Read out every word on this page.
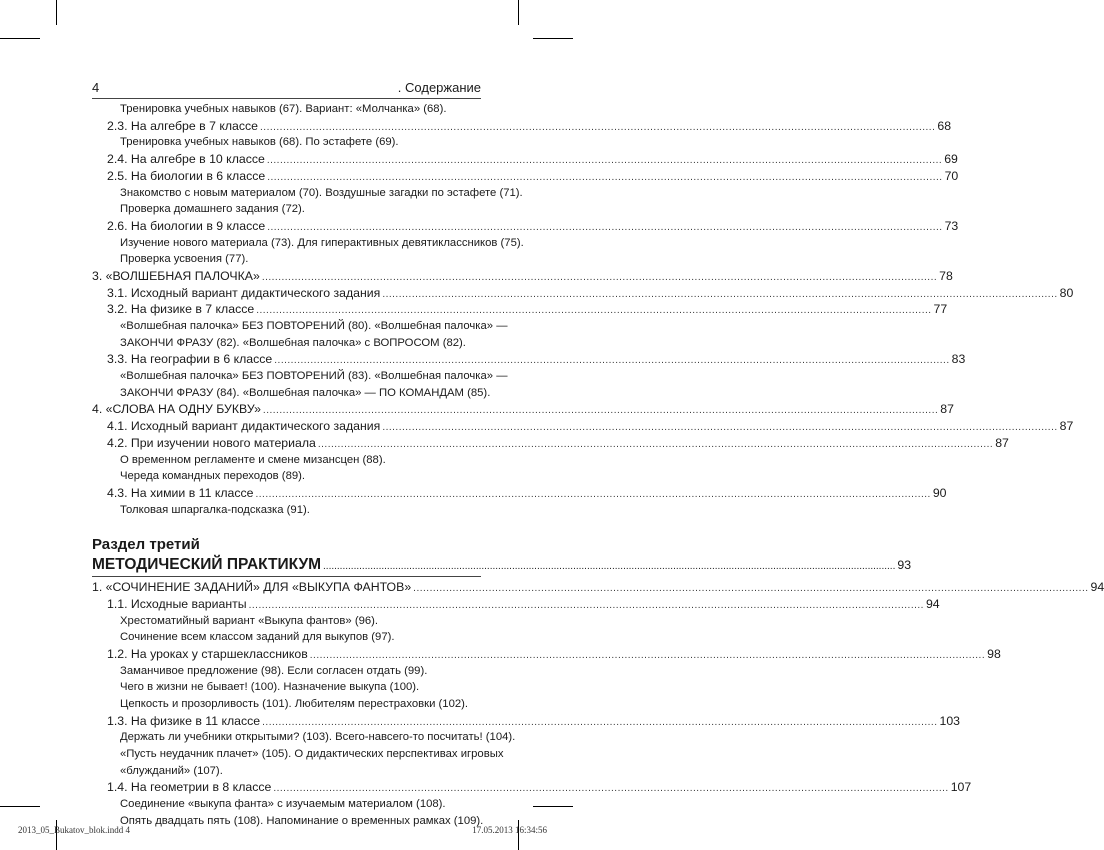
4	. Содержание
Тренировка учебных навыков (67). Вариант: «Молчанка» (68).
2.3. На алгебре в 7 классе .....	68
Тренировка учебных навыков (68). По эстафете (69).
2.4. На алгебре в 10 классе .....	69
2.5. На биологии в 6 классе .....	70
Знакомство с новым материалом (70). Воздушные загадки по эстафете (71).
Проверка домашнего задания (72).
2.6. На биологии в 9 классе .....	73
Изучение нового материала (73). Для гиперактивных девятиклассников (75).
Проверка усвоения (77).
3. «ВОЛШЕБНАЯ ПАЛОЧКА» .....	78
3.1. Исходный вариант дидактического задания .....	80
3.2. На физике в 7 классе .....	77
«Волшебная палочка» БЕЗ ПОВТОРЕНИЙ (80). «Волшебная палочка» —
ЗАКОНЧИ ФРАЗУ (82). «Волшебная палочка» с ВОПРОСОМ (82).
3.3. На географии в 6 классе .....	83
«Волшебная палочка» БЕЗ ПОВТОРЕНИЙ (83). «Волшебная палочка» —
ЗАКОНЧИ ФРАЗУ (84). «Волшебная палочка» — ПО КОМАНДАМ (85).
4. «СЛОВА НА ОДНУ БУКВУ» .....	87
4.1. Исходный вариант дидактического задания .....	87
4.2. При изучении нового материала .....	87
О временном регламенте и смене мизансцен (88).
Череда командных переходов (89).
4.3. На химии в 11 классе .....	90
Толковая шпаргалка-подсказка (91).
Раздел третий
МЕТОДИЧЕСКИЙ ПРАКТИКУМ .....	93
1. «СОЧИНЕНИЕ ЗАДАНИЙ» ДЛЯ «ВЫКУПА ФАНТОВ» .....	94
1.1. Исходные варианты .....	94
Хрестоматийный вариант «Выкупа фантов» (96).
Сочинение всем классом заданий для выкупов (97).
1.2. На уроках у старшеклассников .....	98
Заманчивое предложение (98). Если согласен отдать (99).
Чего в жизни не бывает! (100). Назначение выкупа (100).
Цепкость и прозорливость (101). Любителям перестраховки (102).
1.3. На физике в 11 классе .....	103
Держать ли учебники открытыми? (103). Всего-навсего-то посчитать! (104).
«Пусть неудачник плачет» (105). О дидактических перспективах игровых
«блужданий» (107).
1.4. На геометрии в 8 классе .....	107
Соединение «выкупа фанта» с изучаемым материалом (108).
Опять двадцать пять (108). Напоминание о временных рамках (109).
2013_05_Bukatov_blok.indd 4	17.05.2013 16:34:56
